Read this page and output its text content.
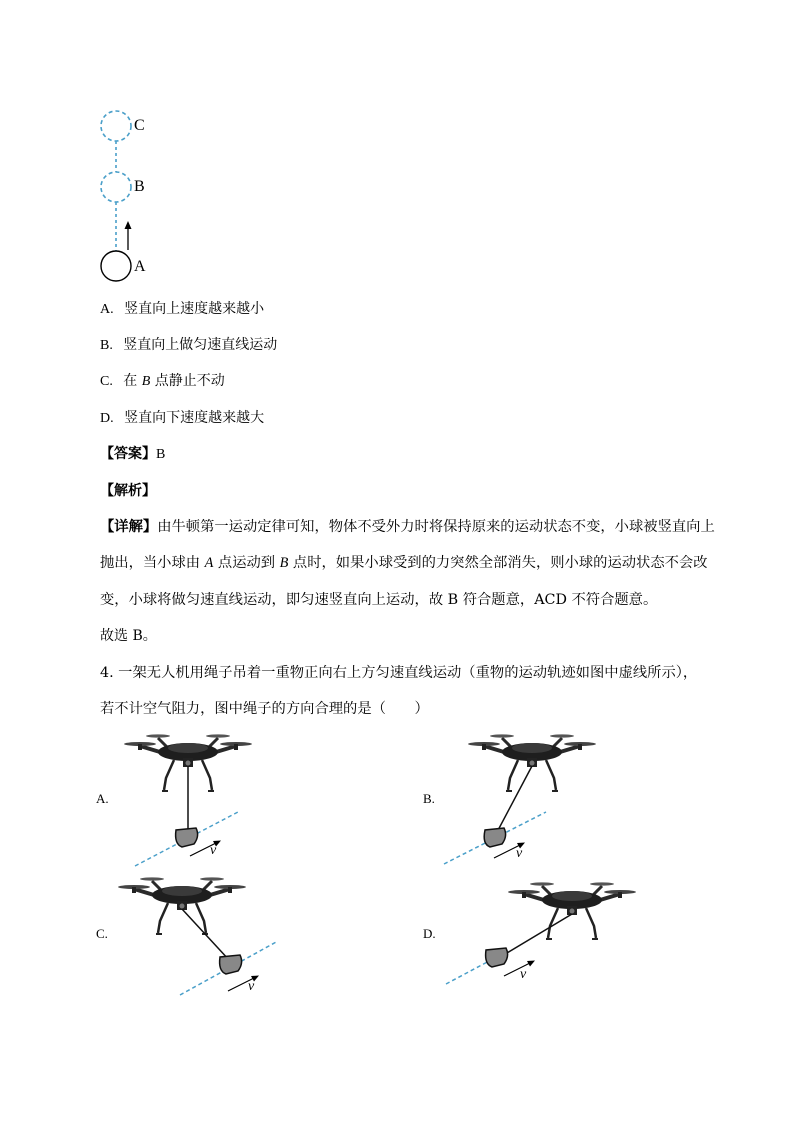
C
B
A
A. 竖直向上速度越来越小
B. 竖直向上做匀速直线运动
C. 在 B 点静止不动
D. 竖直向下速度越来越大
【答案】B
【解析】
【详解】由牛顿第一运动定律可知，物体不受外力时将保持原来的运动状态不变，小球被竖直向上
抛出，当小球由 A 点运动到 B 点时，如果小球受到的力突然全部消失，则小球的运动状态不会改
变，小球将做匀速直线运动，即匀速竖直向上运动，故 B 符合题意，ACD 不符合题意。
故选 B。
4. 一架无人机用绳子吊着一重物正向右上方匀速直线运动（重物的运动轨迹如图中虚线所示），
若不计空气阻力，图中绳子的方向合理的是（　　）
A.
v
B.
v
C.
v
D.
v
